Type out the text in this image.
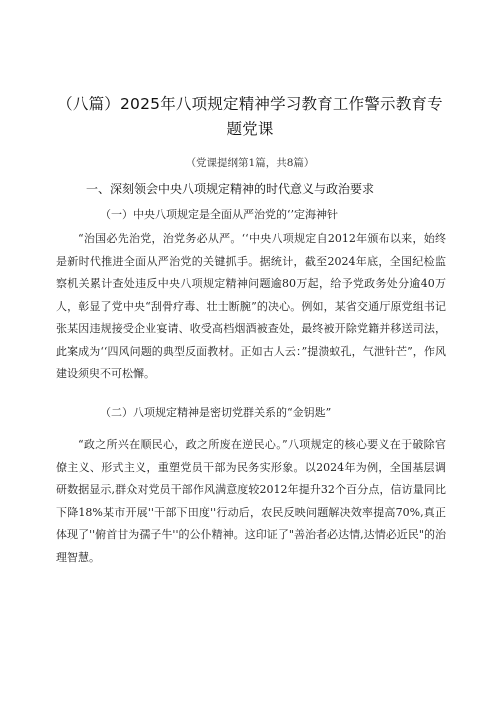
（八篇）2025年八项规定精神学习教育工作警示教育专题党课
（党课提纲第1篇，共8篇）
一、深刻领会中央八项规定精神的时代意义与政治要求
（一）中央八项规定是全面从严治党的‘’定海神针

“治国必先治党，治党务必从严。‘‘中央八项规定自2012年颁布以来，始终是新时代推进全面从严治党的关键抓手。据统计，截至2024年底，全国纪检监察机关累计查处违反中央八项规定精神问题逾80万起，给予党政务处分逾40万人，彰显了党中央“刮骨疗毒、壮士断腕”的决心。例如，某省交通厅原党组书记张某因违规接受企业宴请、收受高档烟酒被查处，最终被开除党籍并移送司法，此案成为‘‘四风问题的典型反面教材。正如古人云：”提溃蚁孔，气泄针芒”，作风建设须臾不可松懈。

（二）八项规定精神是密切党群关系的“金钥匙”

“政之所兴在顺民心，政之所废在逆民心。”八项规定的核心要义在于破除官僚主义、形式主义，重塑党员干部为民务实形象。以2024年为例，全国基层调研数据显示,群众对党员干部作风满意度较2012年提升32个百分点，信访量同比下降18%某市开展''干部下田度''行动后，农民反映问题解决效率提高70%,真正体现了''俯首甘为孺子牛''的公仆精神。这印证了"善治者必达情,达情必近民"的治理智慧。
